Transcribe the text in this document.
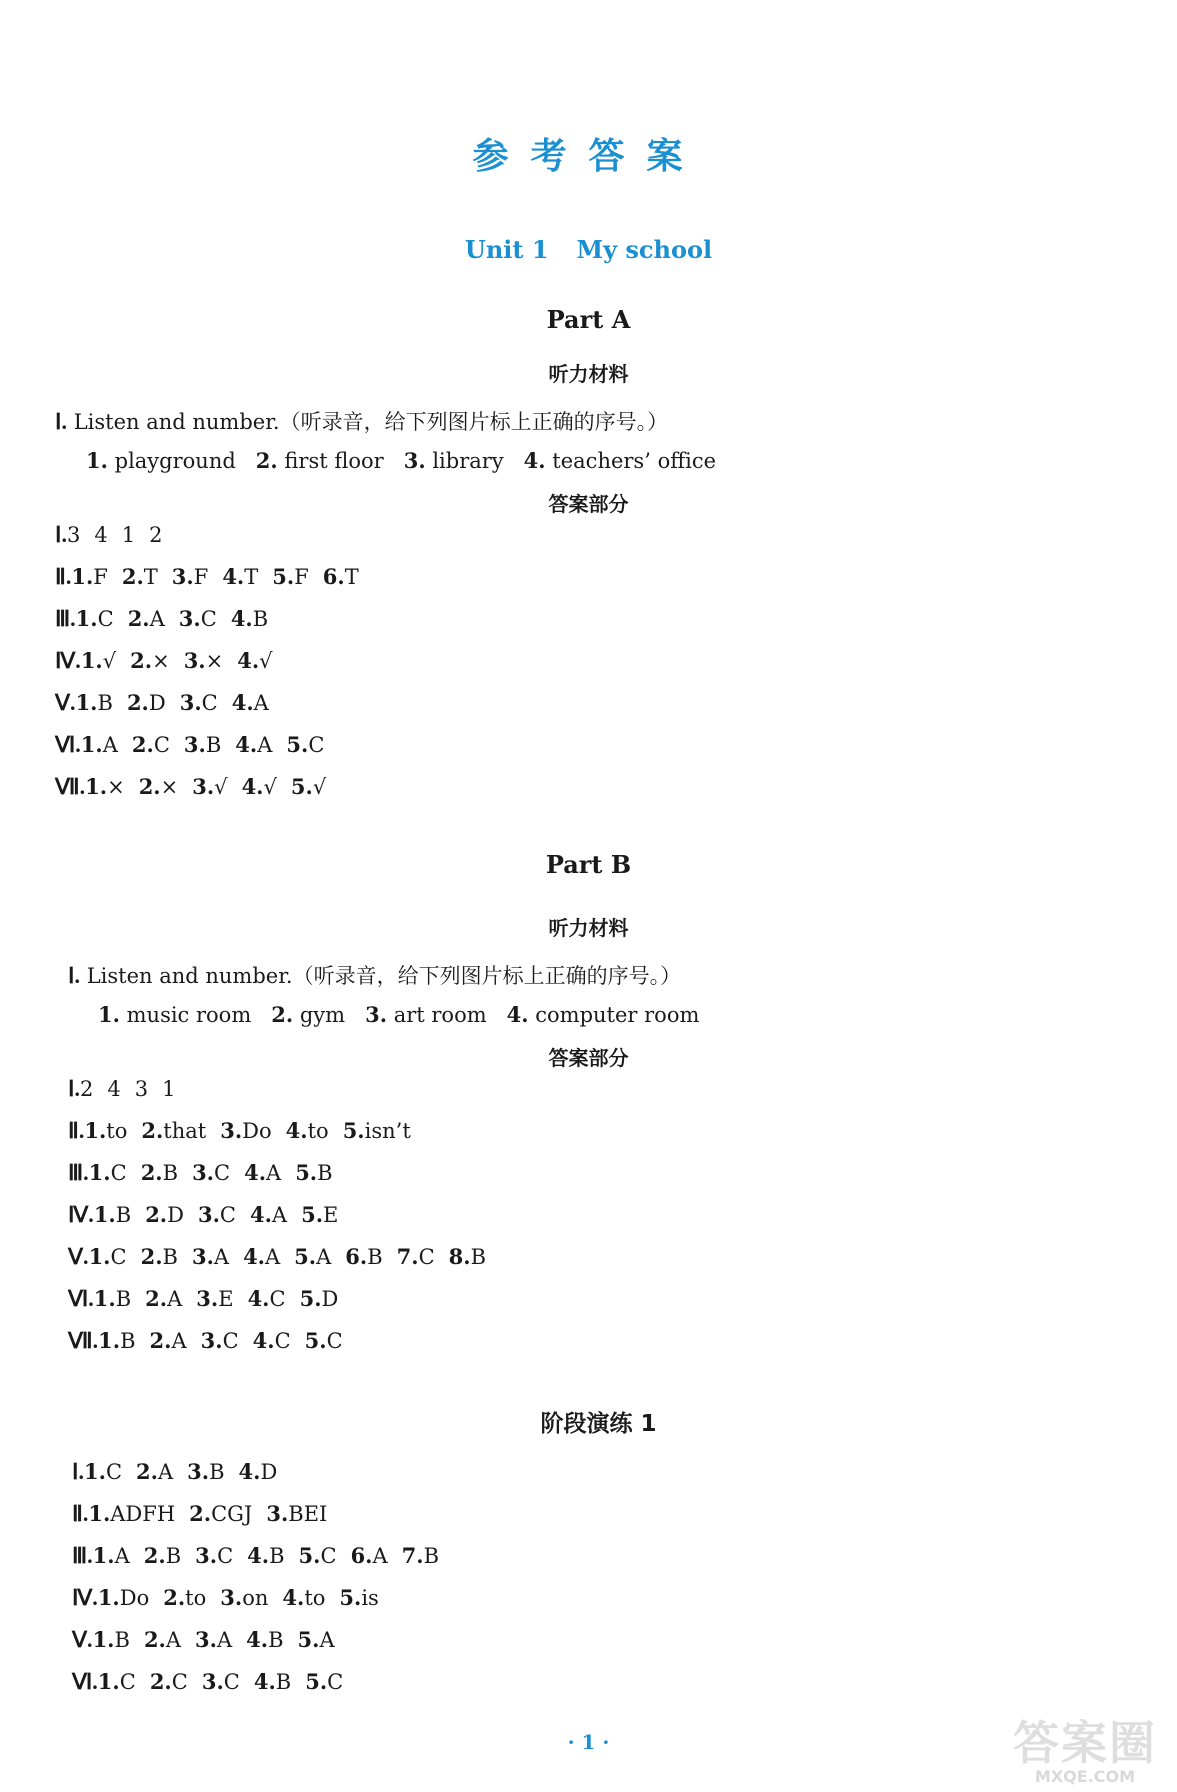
参考答案
Unit 1 My school
Part A
听力材料
Ⅰ. Listen and number.（听录音，给下列图片标上正确的序号。）
1. playground 2. first floor 3. library 4. teachers’ office
答案部分
Ⅰ.3 4 1 2
Ⅱ.1.F 2.T 3.F 4.T 5.F 6.T
Ⅲ.1.C 2.A 3.C 4.B
Ⅳ.1.√ 2.× 3.× 4.√
Ⅴ.1.B 2.D 3.C 4.A
Ⅵ.1.A 2.C 3.B 4.A 5.C
Ⅶ.1.× 2.× 3.√ 4.√ 5.√
Part B
听力材料
Ⅰ. Listen and number.（听录音，给下列图片标上正确的序号。）
1. music room 2. gym 3. art room 4. computer room
答案部分
Ⅰ.2 4 3 1
Ⅱ.1.to 2.that 3.Do 4.to 5.isn’t
Ⅲ.1.C 2.B 3.C 4.A 5.B
Ⅳ.1.B 2.D 3.C 4.A 5.E
Ⅴ.1.C 2.B 3.A 4.A 5.A 6.B 7.C 8.B
Ⅵ.1.B 2.A 3.E 4.C 5.D
Ⅶ.1.B 2.A 3.C 4.C 5.C
阶段演练 1
Ⅰ.1.C 2.A 3.B 4.D
Ⅱ.1.ADFH 2.CGJ 3.BEI
Ⅲ.1.A 2.B 3.C 4.B 5.C 6.A 7.B
Ⅳ.1.Do 2.to 3.on 4.to 5.is
Ⅴ.1.B 2.A 3.A 4.B 5.A
Ⅵ.1.C 2.C 3.C 4.B 5.C
· 1 ·	答案圈
MXQE.COM
